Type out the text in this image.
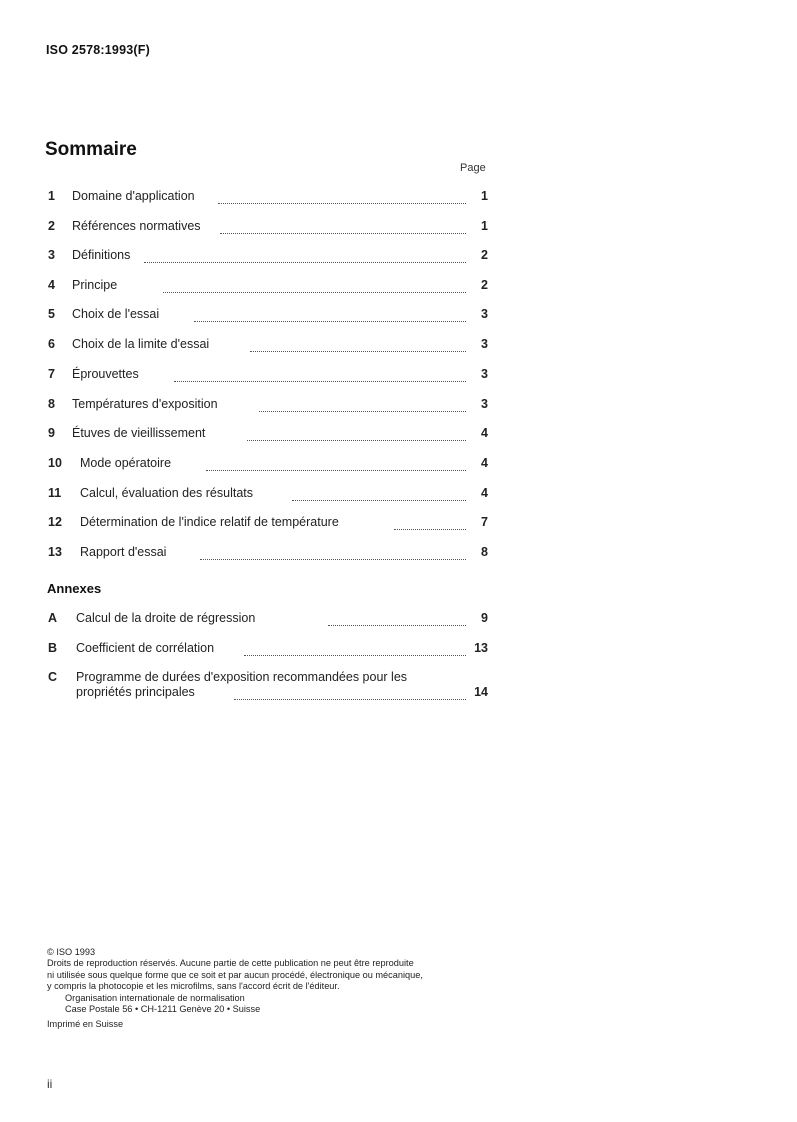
ISO 2578:1993(F)
Sommaire
Page
1 Domaine d'application	1
2 Références normatives	1
3 Définitions	2
4 Principe	2
5 Choix de l'essai	3
6 Choix de la limite d'essai	3
7 Éprouvettes	3
8 Températures d'exposition	3
9 Étuves de vieillissement	4
10 Mode opératoire	4
11 Calcul, évaluation des résultats	4
12 Détermination de l'indice relatif de température	7
13 Rapport d'essai	8
Annexes
A Calcul de la droite de régression	9
B Coefficient de corrélation	13
C Programme de durées d'exposition recommandées pour les
propriétés principales	14
© ISO 1993
Droits de reproduction réservés. Aucune partie de cette publication ne peut être reproduite
ni utilisée sous quelque forme que ce soit et par aucun procédé, électronique ou mécanique,
y compris la photocopie et les microfilms, sans l'accord écrit de l'éditeur.
Organisation internationale de normalisation
Case Postale 56 • CH-1211 Genève 20 • Suisse
Imprimé en Suisse
ii
